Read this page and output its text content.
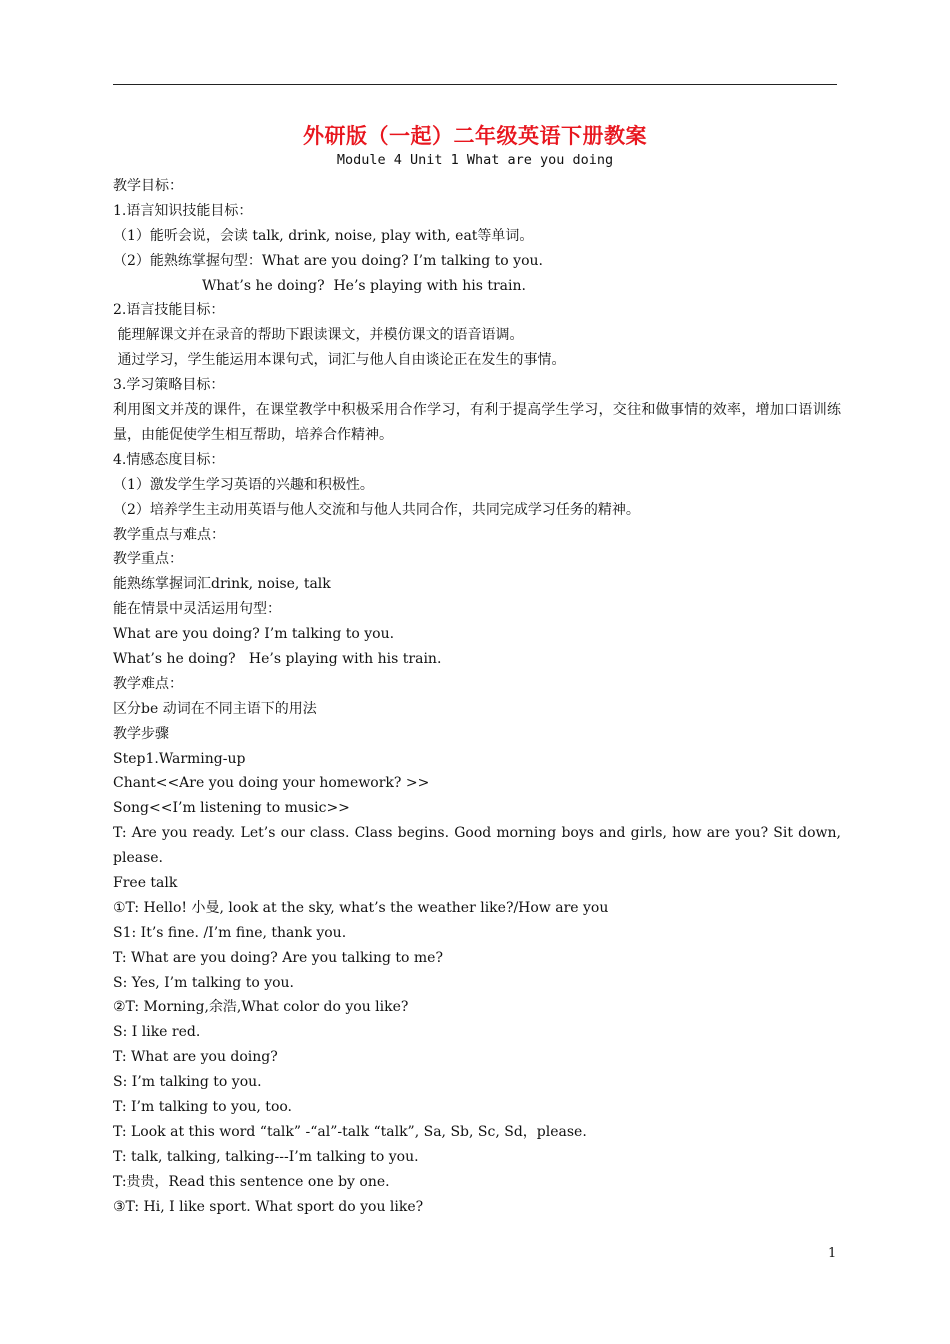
外研版（一起）二年级英语下册教案
Module 4 Unit 1 What are you doing
教学目标：
1.语言知识技能目标：
（1）能听会说，会读 talk, drink, noise, play with, eat等单词。
（2）能熟练掌握句型：What are you doing? I’m talking to you.
What’s he doing?  He’s playing with his train.
2.语言技能目标：
能理解课文并在录音的帮助下跟读课文，并模仿课文的语音语调。
通过学习，学生能运用本课句式，词汇与他人自由谈论正在发生的事情。
3.学习策略目标：
利用图文并茂的课件，在课堂教学中积极采用合作学习，有利于提高学生学习，交往和做事情的效率，增加口语训练量，由能促使学生相互帮助，培养合作精神。
4.情感态度目标：
（1）激发学生学习英语的兴趣和积极性。
（2）培养学生主动用英语与他人交流和与他人共同合作，共同完成学习任务的精神。
教学重点与难点：
教学重点：
能熟练掌握词汇drink, noise, talk
能在情景中灵活运用句型：
What are you doing? I’m talking to you.
What’s he doing?   He’s playing with his train.
教学难点：
区分be 动词在不同主语下的用法
教学步骤
Step1.Warming-up
Chant<<Are you doing your homework? >>
Song<<I’m listening to music>>
T: Are you ready. Let’s our class. Class begins. Good morning boys and girls, how are you? Sit down, please.
Free talk
①T: Hello! 小曼, look at the sky, what’s the weather like?/How are you
S1: It’s fine. /I’m fine, thank you.
T: What are you doing? Are you talking to me?
S: Yes, I’m talking to you.
②T: Morning,余浩,What color do you like?
S: I like red.
T: What are you doing?
S: I’m talking to you.
T: I’m talking to you, too.
T: Look at this word “talk” -“al”-talk “talk”, Sa, Sb, Sc, Sd，please.
T: talk, talking, talking---I’m talking to you.
T:贵贵，Read this sentence one by one.
③T: Hi, I like sport. What sport do you like?
1
